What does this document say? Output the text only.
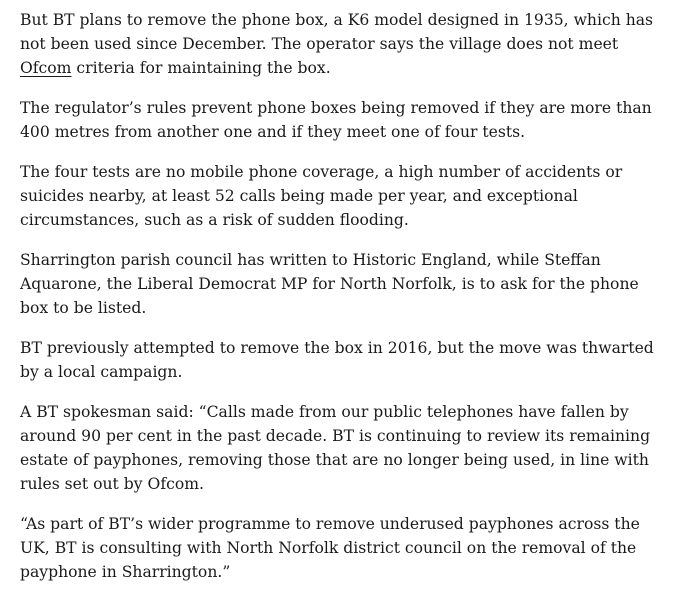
But BT plans to remove the phone box, a K6 model designed in 1935, which has not been used since December. The operator says the village does not meet Ofcom criteria for maintaining the box.

The regulator’s rules prevent phone boxes being removed if they are more than 400 metres from another one and if they meet one of four tests.

The four tests are no mobile phone coverage, a high number of accidents or suicides nearby, at least 52 calls being made per year, and exceptional circumstances, such as a risk of sudden flooding.

Sharrington parish council has written to Historic England, while Steffan Aquarone, the Liberal Democrat MP for North Norfolk, is to ask for the phone box to be listed.

BT previously attempted to remove the box in 2016, but the move was thwarted by a local campaign.

A BT spokesman said: “Calls made from our public telephones have fallen by around 90 per cent in the past decade. BT is continuing to review its remaining estate of payphones, removing those that are no longer being used, in line with rules set out by Ofcom.

“As part of BT’s wider programme to remove underused payphones across the UK, BT is consulting with North Norfolk district council on the removal of the payphone in Sharrington.”
